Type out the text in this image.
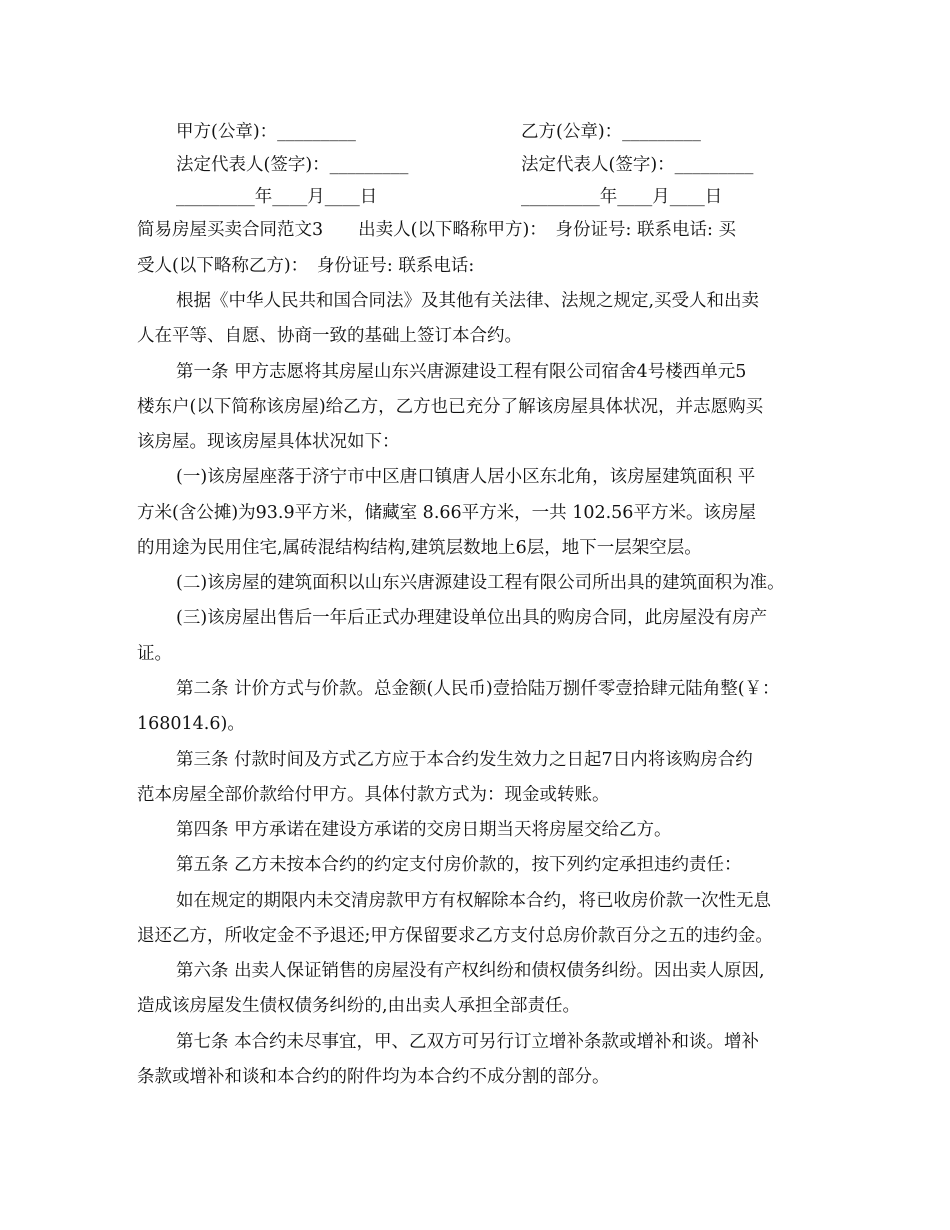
甲方(公章)：_________	乙方(公章)：_________
法定代表人(签字)：_________	法定代表人(签字)：_________
_________年____月____日	_________年____月____日
简易房屋买卖合同范文3　　出卖人(以下略称甲方)：　身份证号: 联系电话: 买
受人(以下略称乙方)：　身份证号: 联系电话:
根据《中华人民共和国合同法》及其他有关法律、法规之规定,买受人和出卖
人在平等、自愿、协商一致的基础上签订本合约。
第一条 甲方志愿将其房屋山东兴唐源建设工程有限公司宿舍4号楼西单元5
楼东户(以下简称该房屋)给乙方，乙方也已充分了解该房屋具体状况，并志愿购买
该房屋。现该房屋具体状况如下：
(一)该房屋座落于济宁市中区唐口镇唐人居小区东北角，该房屋建筑面积 平
方米(含公摊)为93.9平方米，储藏室 8.66平方米，一共 102.56平方米。该房屋
的用途为民用住宅,属砖混结构结构,建筑层数地上6层，地下一层架空层。
(二)该房屋的建筑面积以山东兴唐源建设工程有限公司所出具的建筑面积为准。
(三)该房屋出售后一年后正式办理建设单位出具的购房合同，此房屋没有房产
证。
第二条 计价方式与价款。总金额(人民币)壹拾陆万捌仟零壹拾肆元陆角整(￥：
168014.6)。
第三条 付款时间及方式乙方应于本合约发生效力之日起7日内将该购房合约
范本房屋全部价款给付甲方。具体付款方式为：现金或转账。
第四条 甲方承诺在建设方承诺的交房日期当天将房屋交给乙方。
第五条 乙方未按本合约的约定支付房价款的，按下列约定承担违约责任：
如在规定的期限内未交清房款甲方有权解除本合约，将已收房价款一次性无息
退还乙方，所收定金不予退还;甲方保留要求乙方支付总房价款百分之五的违约金。
第六条 出卖人保证销售的房屋没有产权纠纷和债权债务纠纷。因出卖人原因,
造成该房屋发生债权债务纠纷的,由出卖人承担全部责任。
第七条 本合约未尽事宜，甲、乙双方可另行订立增补条款或增补和谈。增补
条款或增补和谈和本合约的附件均为本合约不成分割的部分。
